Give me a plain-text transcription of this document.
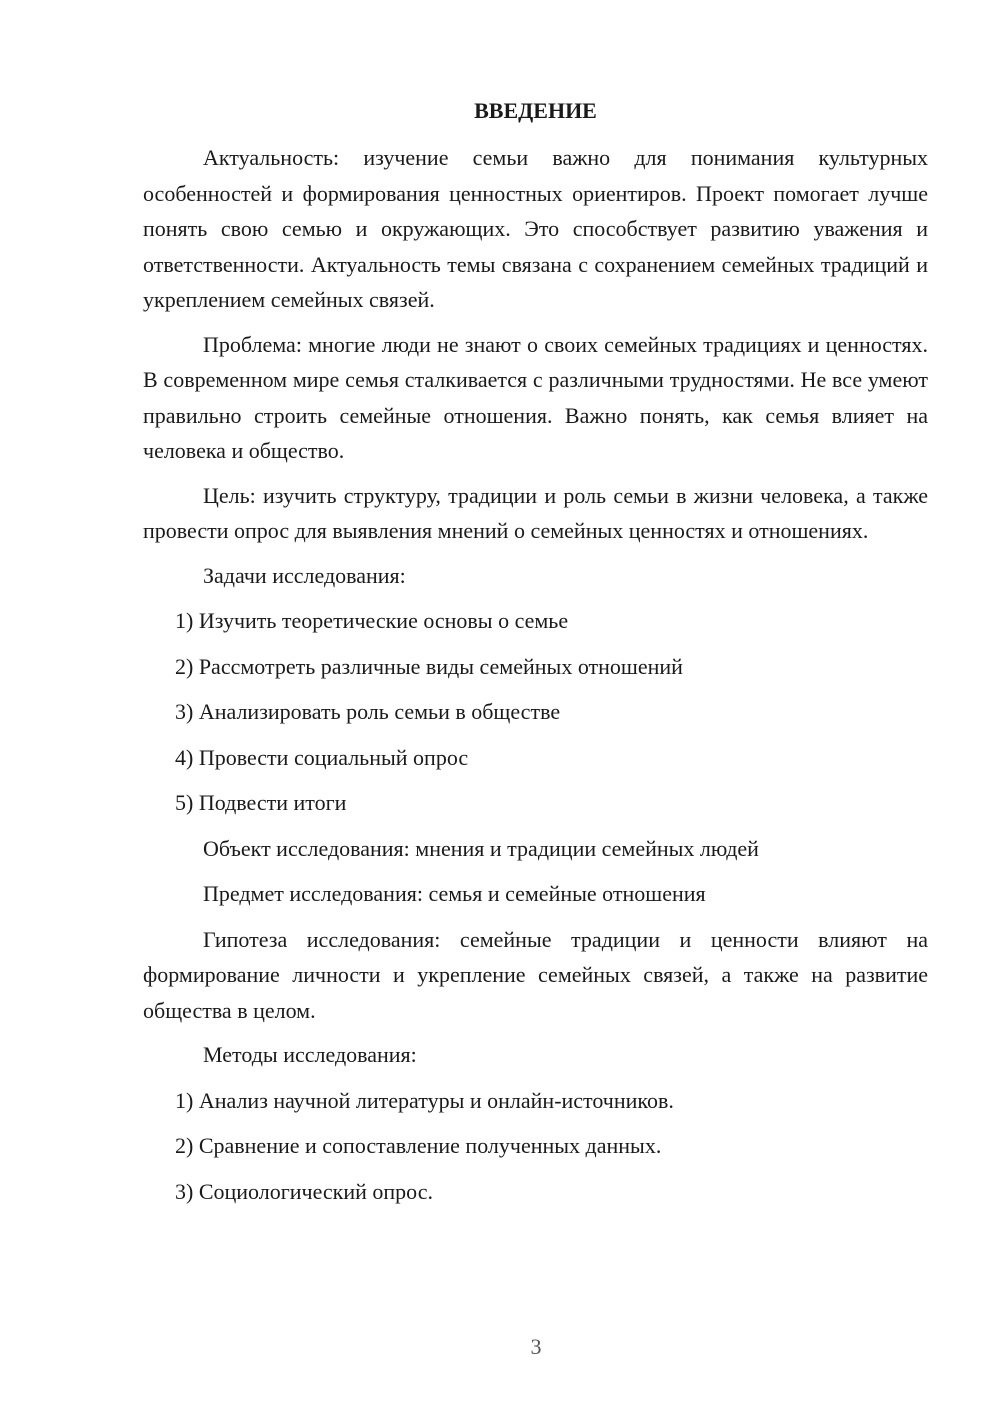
ВВЕДЕНИЕ

Актуальность: изучение семьи важно для понимания культурных особенностей и формирования ценностных ориентиров. Проект помогает лучше понять свою семью и окружающих. Это способствует развитию уважения и ответственности. Актуальность темы связана с сохранением семейных традиций и укреплением семейных связей.

Проблема: многие люди не знают о своих семейных традициях и ценностях. В современном мире семья сталкивается с различными трудностями. Не все умеют правильно строить семейные отношения. Важно понять, как семья влияет на человека и общество.

Цель: изучить структуру, традиции и роль семьи в жизни человека, а также провести опрос для выявления мнений о семейных ценностях и отношениях.

Задачи исследования:
1) Изучить теоретические основы о семье
2) Рассмотреть различные виды семейных отношений
3) Анализировать роль семьи в обществе
4) Провести социальный опрос
5) Подвести итоги
Объект исследования: мнения и традиции семейных людей
Предмет исследования: семья и семейные отношения

Гипотеза исследования: семейные традиции и ценности влияют на формирование личности и укрепление семейных связей, а также на развитие общества в целом.

Методы исследования:
1) Анализ научной литературы и онлайн-источников.
2) Сравнение и сопоставление полученных данных.
3) Социологический опрос.
3
